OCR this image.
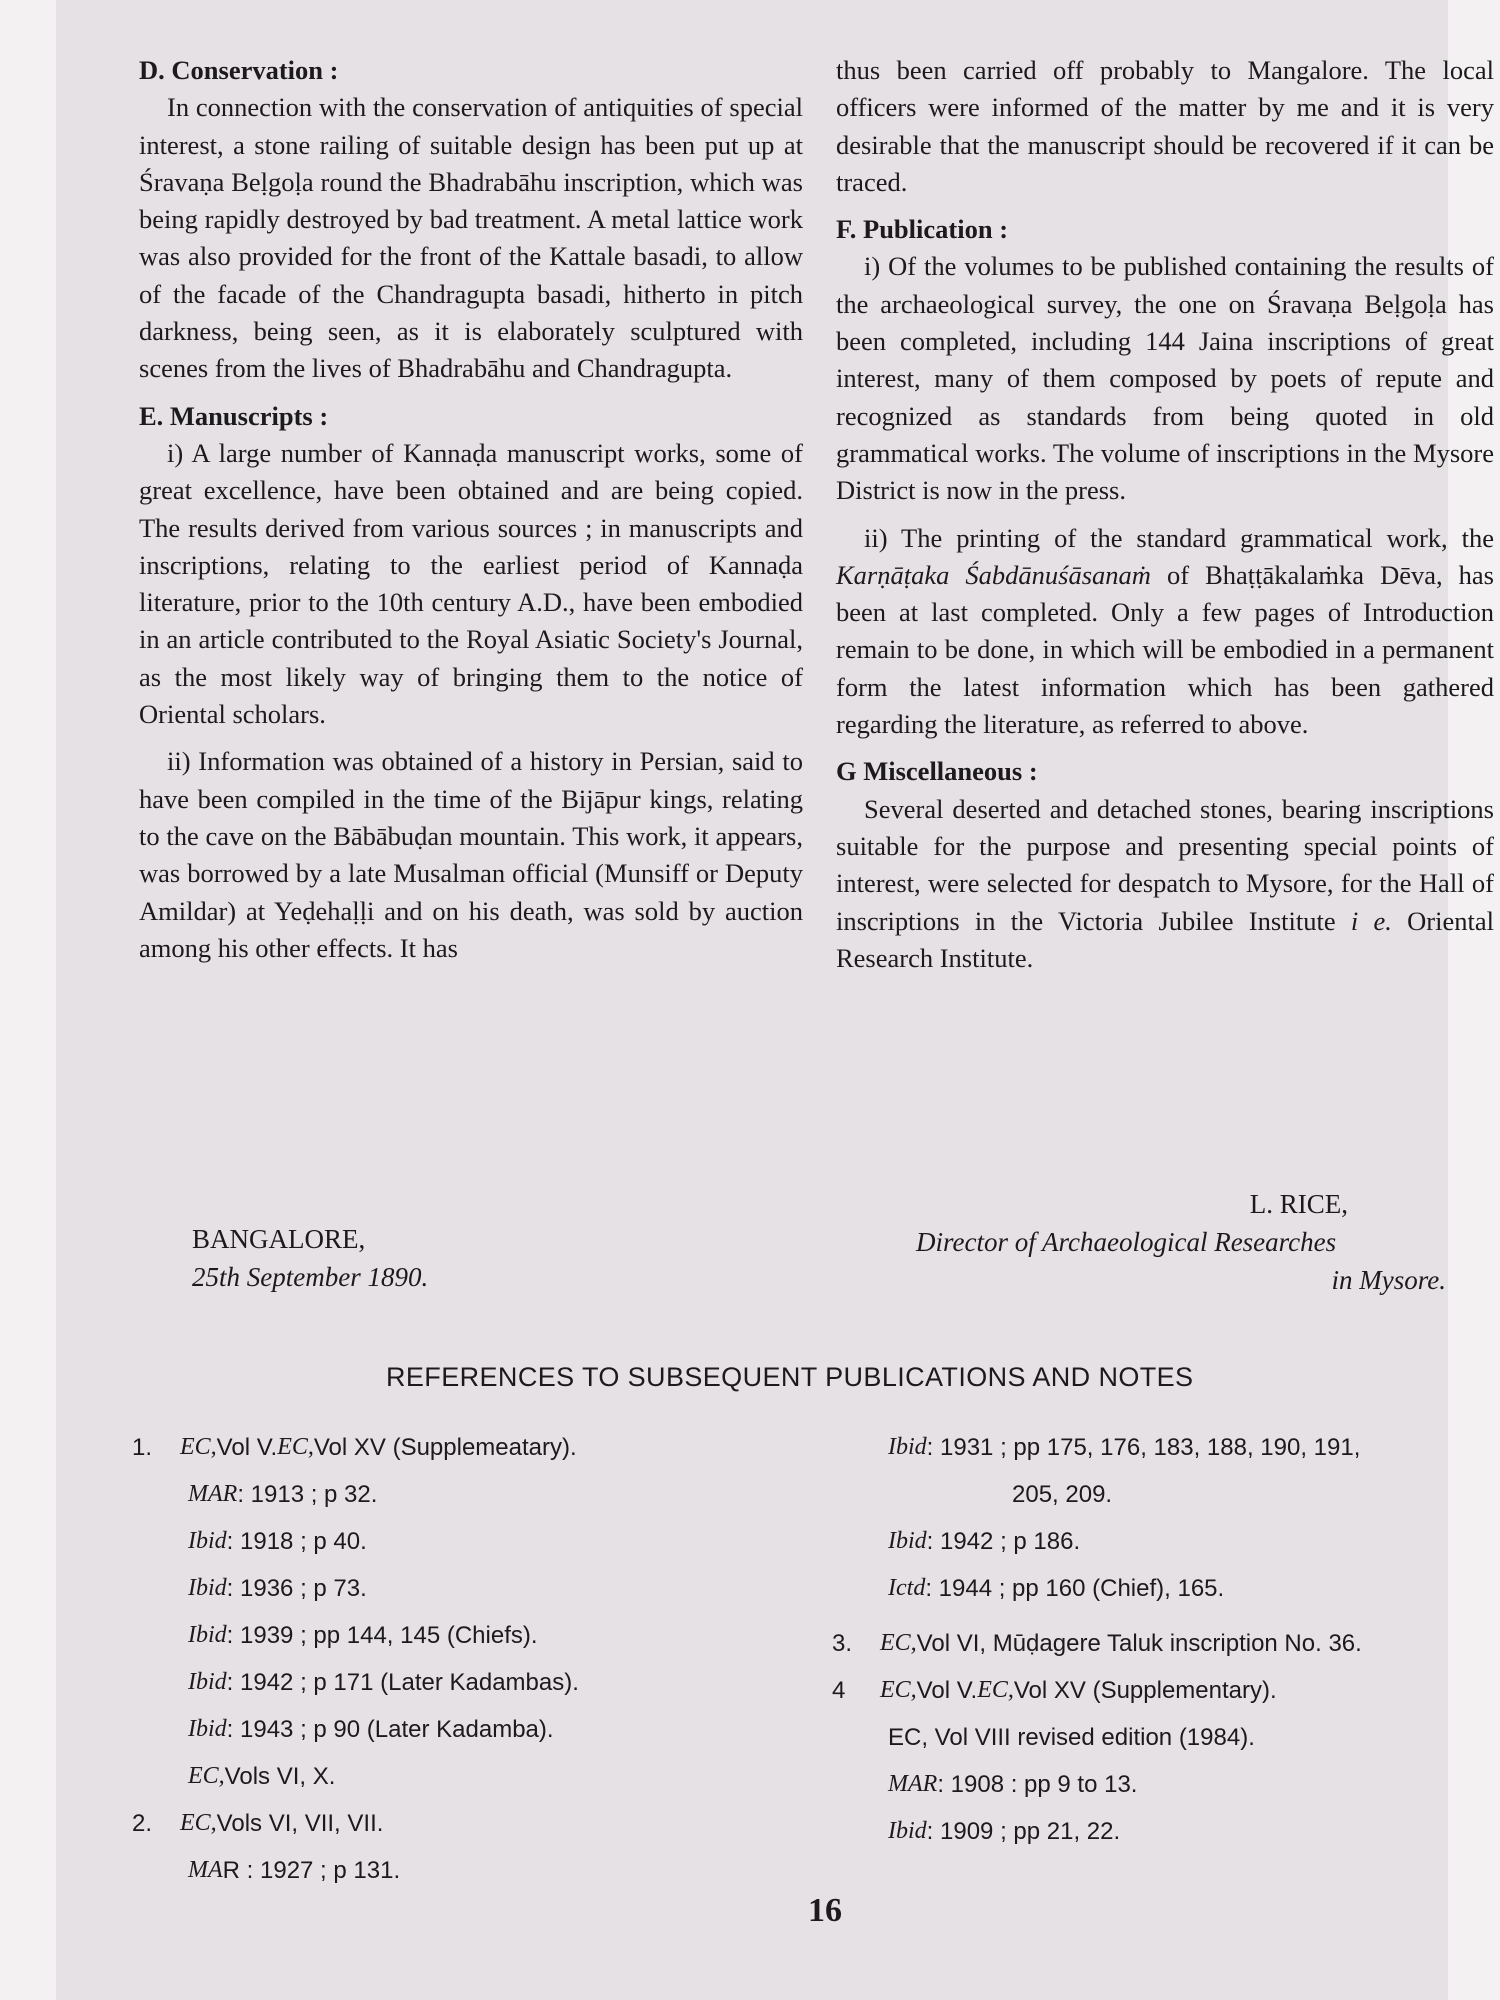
D. Conservation :

In connection with the conservation of antiquities of special interest, a stone railing of suitable design has been put up at Śravaṇa Beḷgoḷa round the Bhadrabāhu inscription, which was being rapidly destroyed by bad treatment. A metal lattice work was also provided for the front of the Kattale basadi, to allow of the facade of the Chandragupta basadi, hitherto in pitch darkness, being seen, as it is elaborately sculptured with scenes from the lives of Bhadrabāhu and Chandragupta.

E. Manuscripts :

i) A large number of Kannaḍa manuscript works, some of great excellence, have been obtained and are being copied. The results derived from various sources ; in manuscripts and inscriptions, relating to the earliest period of Kannaḍa literature, prior to the 10th century A.D., have been embodied in an article contributed to the Royal Asiatic Society's Journal, as the most likely way of bringing them to the notice of Oriental scholars.

ii) Information was obtained of a history in Persian, said to have been compiled in the time of the Bijāpur kings, relating to the cave on the Bābābuḍan mountain. This work, it appears, was borrowed by a late Musalman official (Munsiff or Deputy Amildar) at Yeḍehaḷḷi and on his death, was sold by auction among his other effects. It has

thus been carried off probably to Mangalore. The local officers were informed of the matter by me and it is very desirable that the manuscript should be recovered if it can be traced.

F. Publication :

i) Of the volumes to be published containing the results of the archaeological survey, the one on Śravaṇa Beḷgoḷa has been completed, including 144 Jaina inscriptions of great interest, many of them composed by poets of repute and recognized as standards from being quoted in old grammatical works. The volume of inscriptions in the Mysore District is now in the press.

ii) The printing of the standard grammatical work, the Karṇāṭaka Śabdānuśāsanaṁ of Bhaṭṭākalaṁka Dēva, has been at last completed. Only a few pages of Introduction remain to be done, in which will be embodied in a permanent form the latest information which has been gathered regarding the literature, as referred to above.

G Miscellaneous :

Several deserted and detached stones, bearing inscriptions suitable for the purpose and presenting special points of interest, were selected for despatch to Mysore, for the Hall of inscriptions in the Victoria Jubilee Institute i e. Oriental Research Institute.

BANGALORE,
25th September 1890.
L. RICE,
Director of Archaeological Researches
in Mysore.
REFERENCES TO SUBSEQUENT PUBLICATIONS AND NOTES
1.	EC, Vol V. EC, Vol XV (Supplemeatary).
MAR : 1913 ; p 32.
Ibid : 1918 ; p 40.
Ibid : 1936 ; p 73.
Ibid : 1939 ; pp 144, 145 (Chiefs).
Ibid : 1942 ; p 171 (Later Kadambas).
Ibid : 1943 ; p 90 (Later Kadamba).
EC, Vols VI, X.
2.	EC, Vols VI, VII, VII.
MA R : 1927 ; p 131.
Ibid : 1931 ; pp 175, 176, 183, 188, 190, 191,
205, 209.
Ibid : 1942 ; p 186.
Ictd : 1944 ; pp 160 (Chief), 165.
3.	EC, Vol VI, Mūḍagere Taluk inscription No. 36.
4	EC, Vol V. EC, Vol XV (Supplementary).
EC, Vol VIII revised edition (1984).
MAR : 1908 : pp 9 to 13.
Ibid : 1909 ; pp 21, 22.
16
